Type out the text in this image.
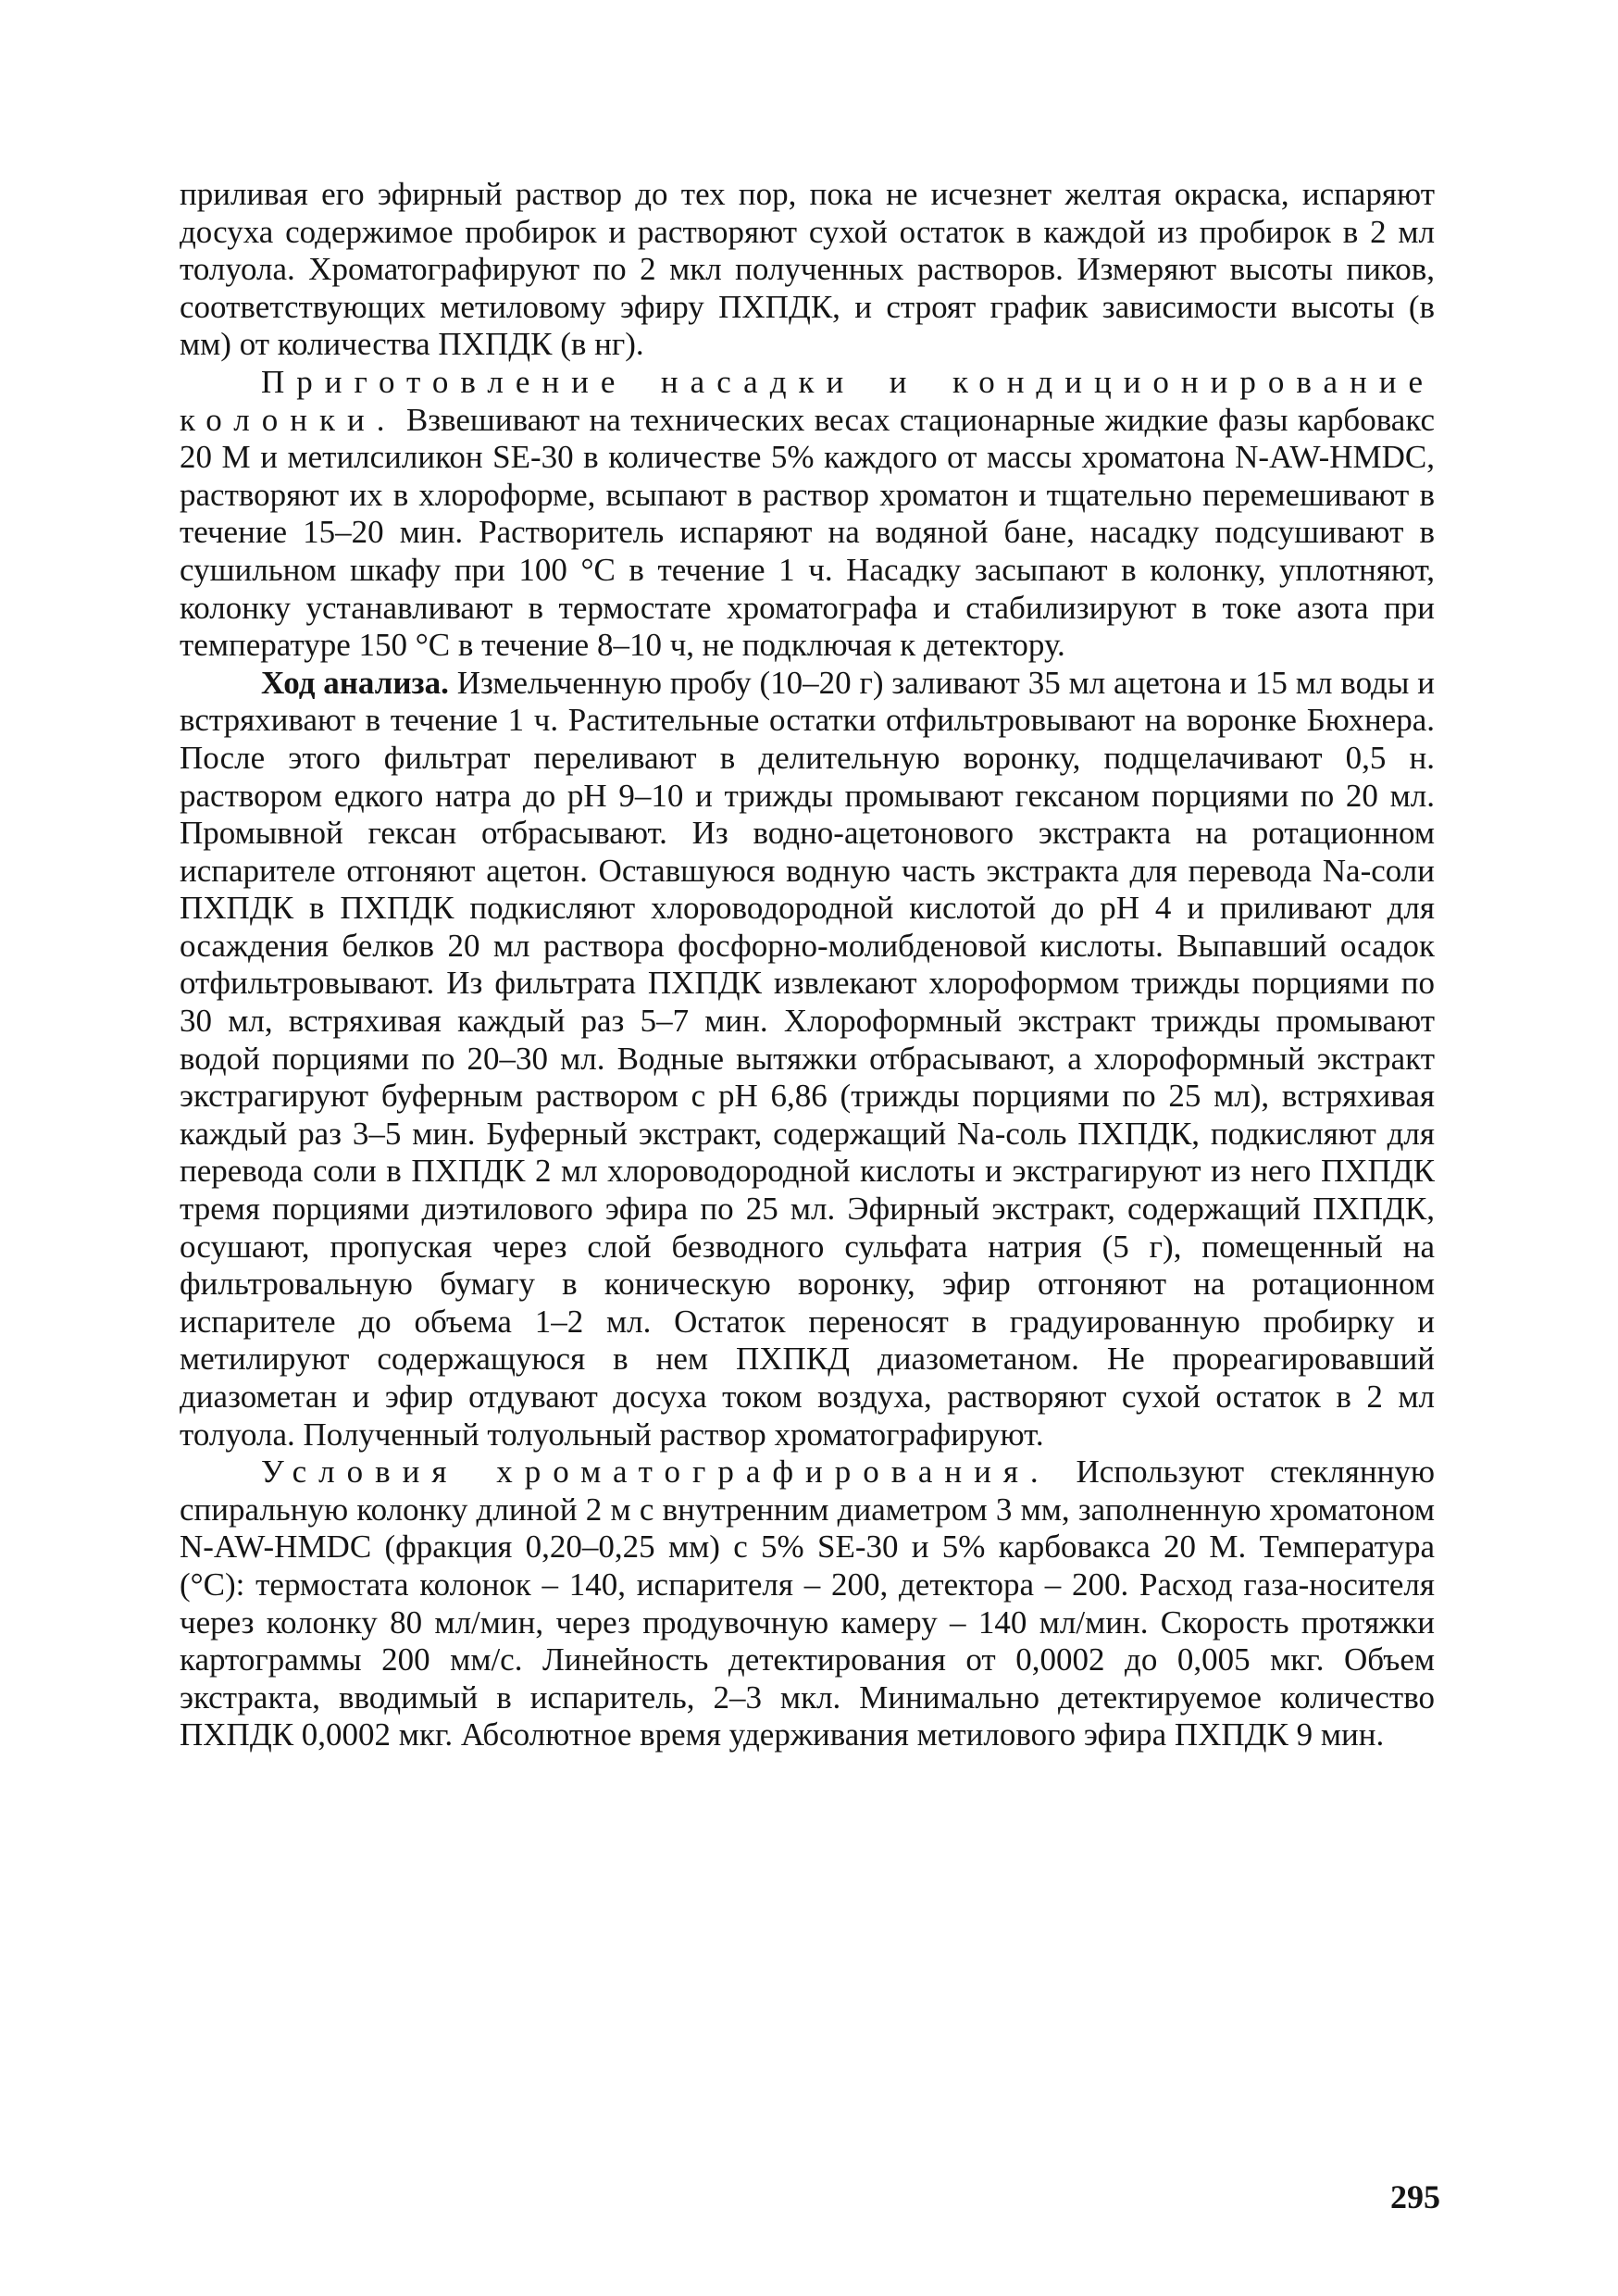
приливая его эфирный раствор до тех пор, пока не исчезнет желтая окраска, испаряют досуха содержимое пробирок и растворяют сухой остаток в каждой из пробирок в 2 мл толуола. Хроматографируют по 2 мкл полученных растворов. Измеряют высоты пиков, соответствующих метиловому эфиру ПХПДК, и строят график зависимости высоты (в мм) от количества ПХПДК (в нг).

Приготовление насадки и кондиционирование колонки. Взвешивают на технических весах стационарные жидкие фазы карбовакс 20 М и метилсиликон SE-30 в количестве 5% каждого от массы хроматона N-AW-HMDC, растворяют их в хлороформе, всыпают в раствор хроматон и тщательно перемешивают в течение 15–20 мин. Растворитель испаряют на водяной бане, насадку подсушивают в сушильном шкафу при 100 °С в течение 1 ч. Насадку засыпают в колонку, уплотняют, колонку устанавливают в термостате хроматографа и стабилизируют в токе азота при температуре 150 °С в течение 8–10 ч, не подключая к детектору.

Ход анализа. Измельченную пробу (10–20 г) заливают 35 мл ацетона и 15 мл воды и встряхивают в течение 1 ч. Растительные остатки отфильтровывают на воронке Бюхнера. После этого фильтрат переливают в делительную воронку, подщелачивают 0,5 н. раствором едкого натра до рН 9–10 и трижды промывают гексаном порциями по 20 мл. Промывной гексан отбрасывают. Из водно-ацетонового экстракта на ротационном испарителе отгоняют ацетон. Оставшуюся водную часть экстракта для перевода Na-соли ПХПДК в ПХПДК подкисляют хлороводородной кислотой до рН 4 и приливают для осаждения белков 20 мл раствора фосфорно-молибденовой кислоты. Выпавший осадок отфильтровывают. Из фильтрата ПХПДК извлекают хлороформом трижды порциями по 30 мл, встряхивая каждый раз 5–7 мин. Хлороформный экстракт трижды промывают водой порциями по 20–30 мл. Водные вытяжки отбрасывают, а хлороформный экстракт экстрагируют буферным раствором с рН 6,86 (трижды порциями по 25 мл), встряхивая каждый раз 3–5 мин. Буферный экстракт, содержащий Na-соль ПХПДК, подкисляют для перевода соли в ПХПДК 2 мл хлороводородной кислоты и экстрагируют из него ПХПДК тремя порциями диэтилового эфира по 25 мл. Эфирный экстракт, содержащий ПХПДК, осушают, пропуская через слой безводного сульфата натрия (5 г), помещенный на фильтровальную бумагу в коническую воронку, эфир отгоняют на ротационном испарителе до объема 1–2 мл. Остаток переносят в градуированную пробирку и метилируют содержащуюся в нем ПХПКД диазометаном. Не прореагировавший диазометан и эфир отдувают досуха током воздуха, растворяют сухой остаток в 2 мл толуола. Полученный толуольный раствор хроматографируют.

Условия хроматографирования. Используют стеклянную спиральную колонку длиной 2 м с внутренним диаметром 3 мм, заполненную хроматоном N-AW-HMDC (фракция 0,20–0,25 мм) с 5% SE-30 и 5% карбовакса 20 М. Температура (°С): термостата колонок – 140, испарителя – 200, детектора – 200. Расход газа-носителя через колонку 80 мл/мин, через продувочную камеру – 140 мл/мин. Скорость протяжки картограммы 200 мм/с. Линейность детектирования от 0,0002 до 0,005 мкг. Объем экстракта, вводимый в испаритель, 2–3 мкл. Минимально детектируемое количество ПХПДК 0,0002 мкг. Абсолютное время удерживания метилового эфира ПХПДК 9 мин.

295
